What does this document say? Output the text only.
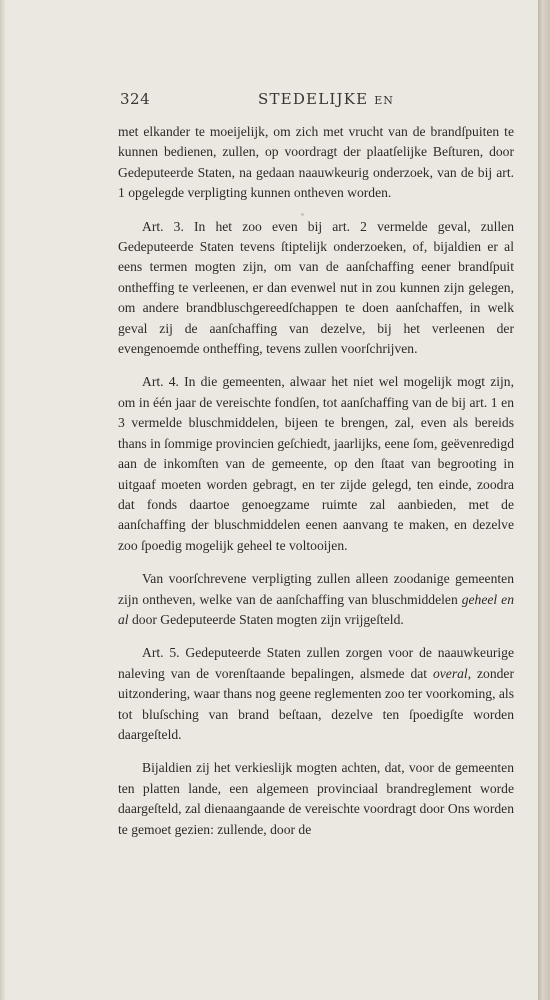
324	STEDELIJKE EN

met elkander te moeijelijk, om zich met vrucht van de brandſpuiten te kunnen bedienen, zullen, op voordragt der plaatſelijke Beſturen, door Gedeputeerde Staten, na gedaan naauwkeurig onderzoek, van de bij art. 1 opgelegde verpligting kunnen ontheven worden.

Art. 3. In het zoo even bij art. 2 vermelde geval, zullen Gedeputeerde Staten tevens ſtiptelijk onderzoeken, of, bijaldien er al eens termen mogten zijn, om van de aanſchaffing eener brandſpuit ontheffing te verleenen, er dan evenwel nut in zou kunnen zijn gelegen, om andere brandbluschgereedſchappen te doen aanſchaffen, in welk geval zij de aanſchaffing van dezelve, bij het verleenen der evengenoemde ontheffing, tevens zullen voorſchrijven.

Art. 4. In die gemeenten, alwaar het niet wel mogelijk mogt zijn, om in één jaar de vereischte fondſen, tot aanſchaffing van de bij art. 1 en 3 vermelde bluschmiddelen, bijeen te brengen, zal, even als bereids thans in ſommige provincien geſchiedt, jaarlijks, eene ſom, geëvenredigd aan de inkomſten van de gemeente, op den ſtaat van begrooting in uitgaaf moeten worden gebragt, en ter zijde gelegd, ten einde, zoodra dat fonds daartoe genoegzame ruimte zal aanbieden, met de aanſchaffing der bluschmiddelen eenen aanvang te maken, en dezelve zoo ſpoedig mogelijk geheel te voltooijen.

Van voorſchrevene verpligting zullen alleen zoodanige gemeenten zijn ontheven, welke van de aanſchaffing van bluschmiddelen geheel en al door Gedeputeerde Staten mogten zijn vrijgeſteld.

Art. 5. Gedeputeerde Staten zullen zorgen voor de naauwkeurige naleving van de vorenſtaande bepalingen, alsmede dat overal, zonder uitzondering, waar thans nog geene reglementen zoo ter voorkoming, als tot bluſsching van brand beſtaan, dezelve ten ſpoedigſte worden daargeſteld.

Bijaldien zij het verkieslijk mogten achten, dat, voor de gemeenten ten platten lande, een algemeen provinciaal brandreglement worde daargeſteld, zal dienaangaande de vereischte voordragt door Ons worden te gemoet gezien: zullende, door de
